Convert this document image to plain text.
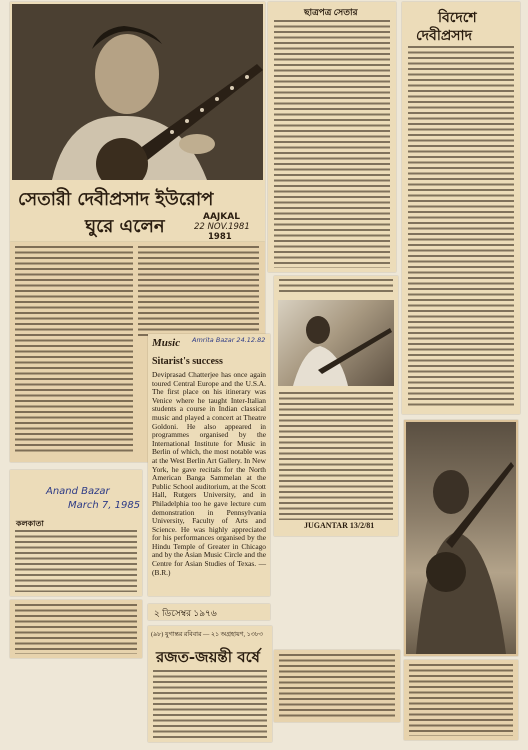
সেতারী দেবীপ্রসাদ ইউরোপ
ঘুরে এলেন	AAJKAL
22 NOV.1981
1981
ছাত্রপত্র সেতার	বিদেশে
দেবীপ্রসাদ
Music Amrita Bazar 24.12.82
Sitarist's success
Deviprasad Chatterjee has once again toured Central Europe and the U.S.A. The first place on his itinerary was Venice where he taught Inter-Italian students a course in Indian classical music and played a concert at Theatre Goldoni. He also appeared in programmes organised by the International Institute for Music in Berlin of which, the most notable was at the West Berlin Art Gallery. In New York, he gave recitals for the North American Banga Sammelan at the Public School auditorium, at the Scott Hall, Rutgers University, and in Philadelphia too he gave lecture cum demonstration in Pennsylvania University, Faculty of Arts and Science. He was highly appreciated for his performances organised by the Hindu Temple of Greater in Chicago and by the Asian Music Circle and the Centre for Asian Studies of Texas. — (B.R.)
JUGANTAR 13/2/81
Anand Bazar
March 7, 1985
কলকাতা
২ ডিসেম্বর ১৯৭৬
(৯৮) যুগান্তর রবিবার — ২১ অগ্রহায়ণ, ১৩৮৩
রজত-জয়ন্তী বর্ষে
